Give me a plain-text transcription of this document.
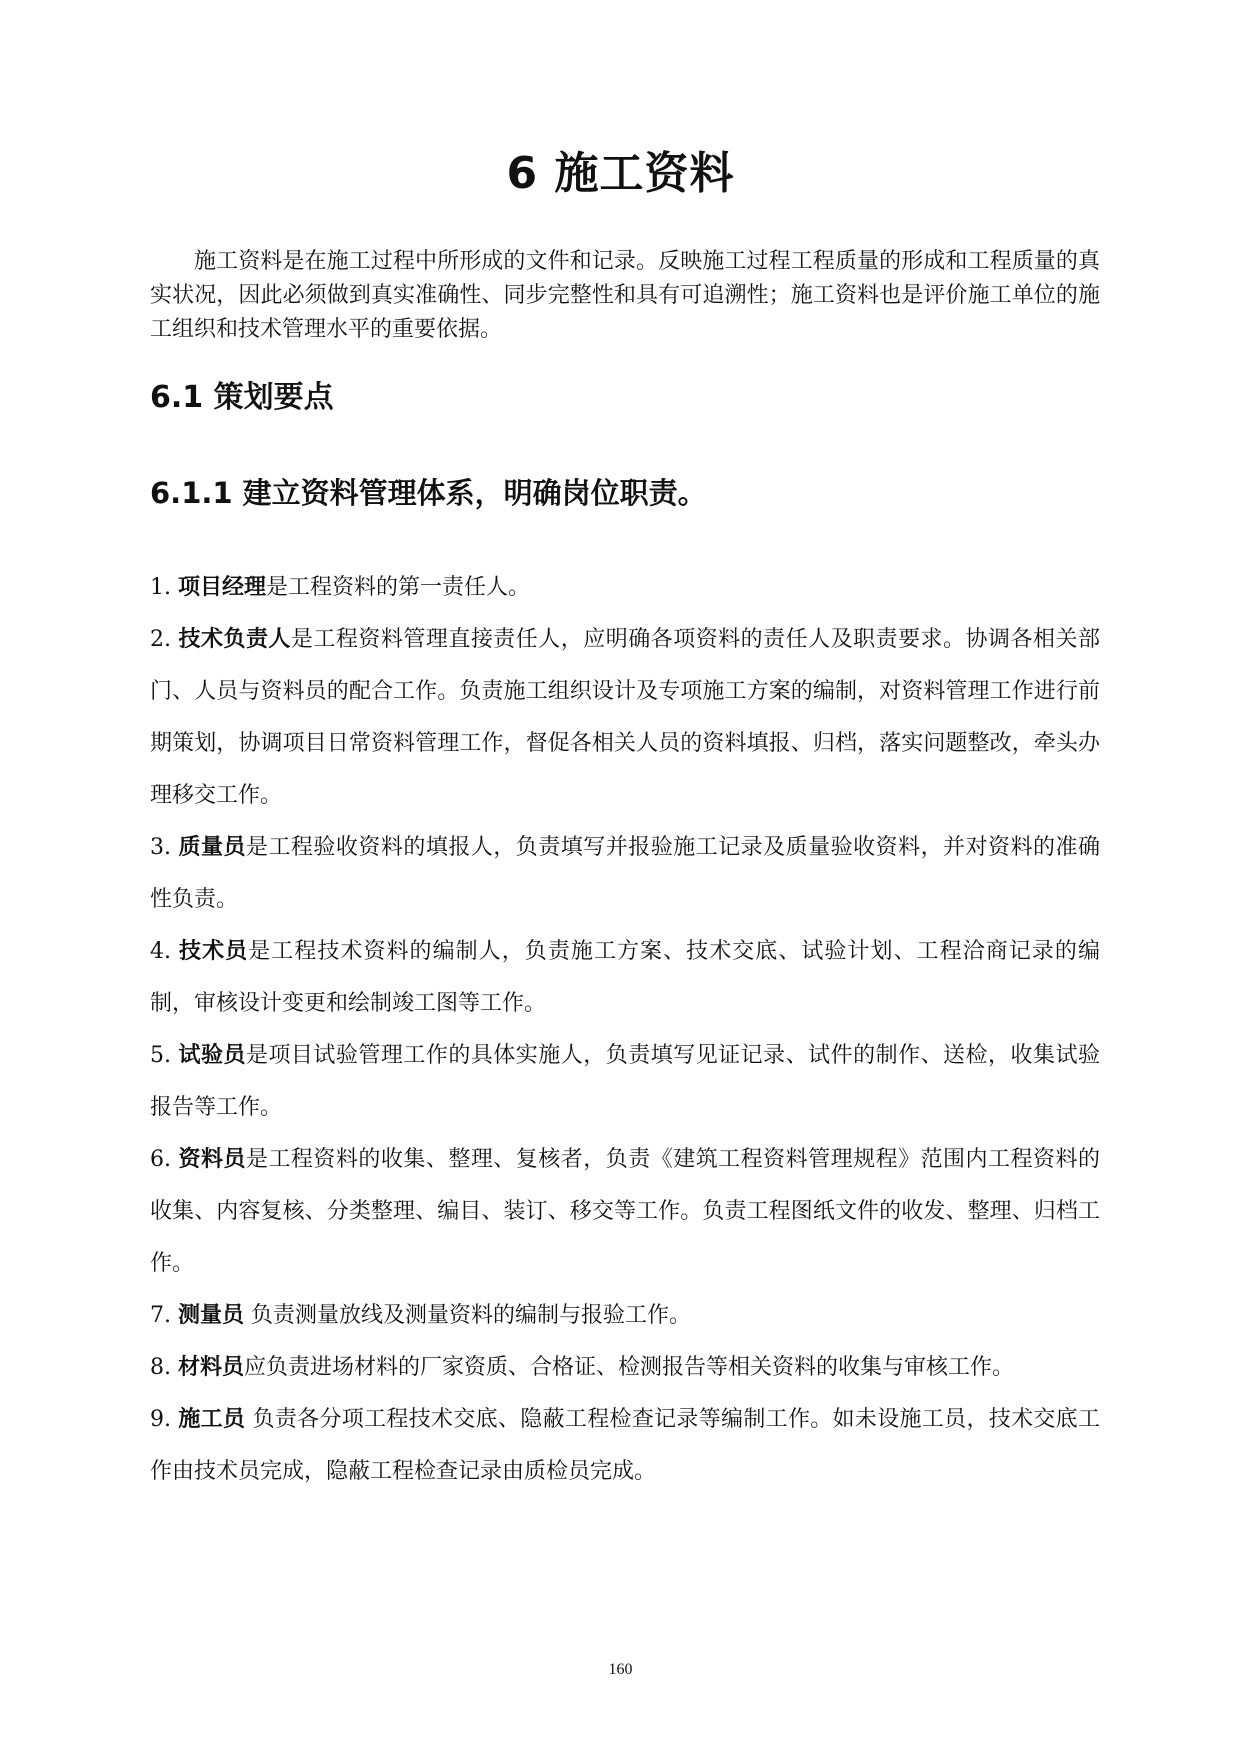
6 施工资料

施工资料是在施工过程中所形成的文件和记录。反映施工过程工程质量的形成和工程质量的真实状况，因此必须做到真实准确性、同步完整性和具有可追溯性；施工资料也是评价施工单位的施工组织和技术管理水平的重要依据。

6.1 策划要点
6.1.1 建立资料管理体系，明确岗位职责。

1. 项目经理是工程资料的第一责任人。

2. 技术负责人是工程资料管理直接责任人，应明确各项资料的责任人及职责要求。协调各相关部门、人员与资料员的配合工作。负责施工组织设计及专项施工方案的编制，对资料管理工作进行前期策划，协调项目日常资料管理工作，督促各相关人员的资料填报、归档，落实问题整改，牵头办理移交工作。

3. 质量员是工程验收资料的填报人，负责填写并报验施工记录及质量验收资料，并对资料的准确性负责。

4. 技术员是工程技术资料的编制人，负责施工方案、技术交底、试验计划、工程洽商记录的编制，审核设计变更和绘制竣工图等工作。

5. 试验员是项目试验管理工作的具体实施人，负责填写见证记录、试件的制作、送检，收集试验报告等工作。

6. 资料员是工程资料的收集、整理、复核者，负责《建筑工程资料管理规程》范围内工程资料的收集、内容复核、分类整理、编目、装订、移交等工作。负责工程图纸文件的收发、整理、归档工作。

7. 测量员 负责测量放线及测量资料的编制与报验工作。

8. 材料员应负责进场材料的厂家资质、合格证、检测报告等相关资料的收集与审核工作。

9. 施工员 负责各分项工程技术交底、隐蔽工程检查记录等编制工作。如未设施工员，技术交底工作由技术员完成，隐蔽工程检查记录由质检员完成。

160
